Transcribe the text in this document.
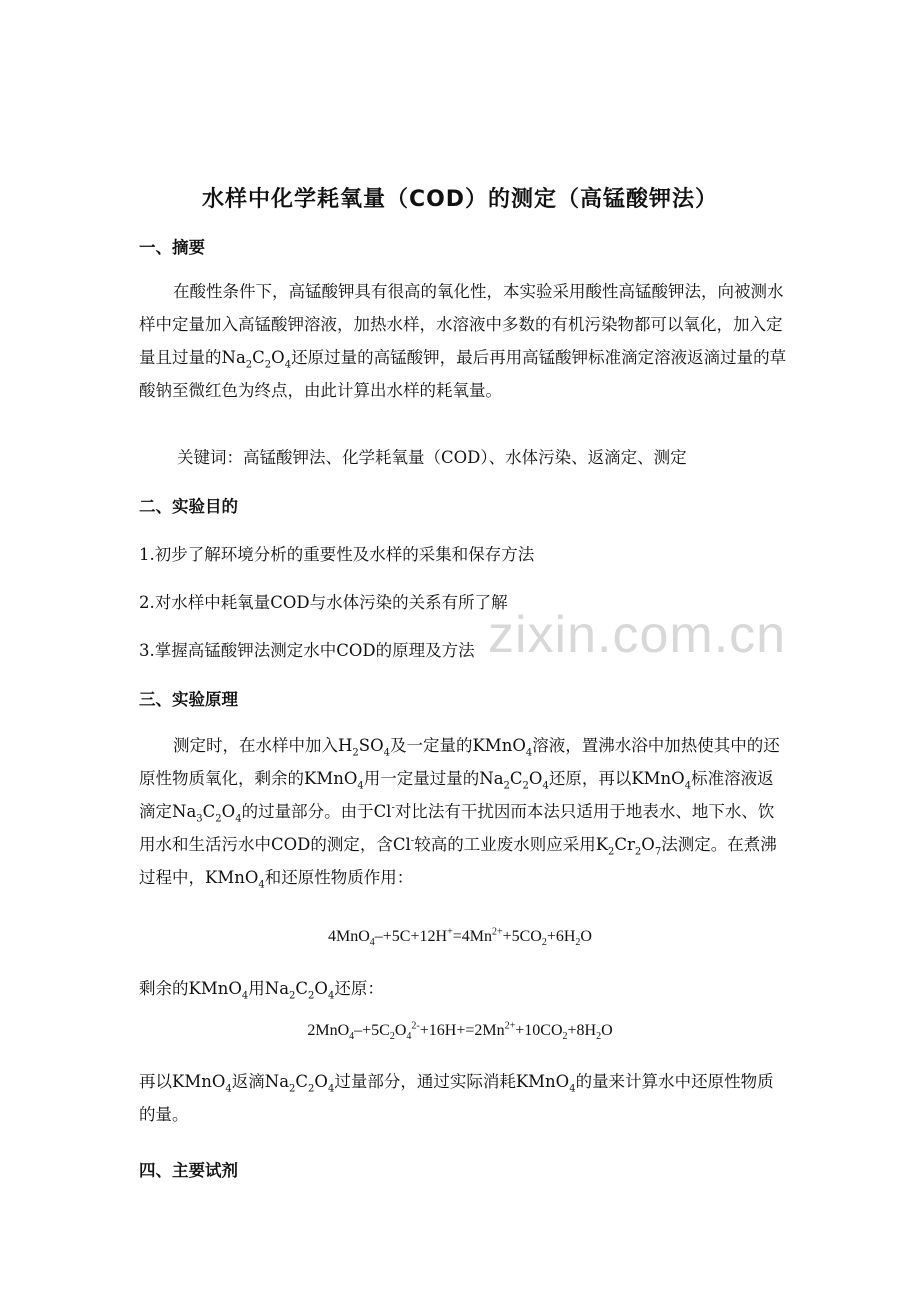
zixin.com.cn
水样中化学耗氧量（COD）的测定（高锰酸钾法）
一、摘要
在酸性条件下，高锰酸钾具有很高的氧化性，本实验采用酸性高锰酸钾法，向被测水样中定量加入高锰酸钾溶液，加热水样，水溶液中多数的有机污染物都可以氧化，加入定量且过量的$Na_2C_2O_4$还原过量的高锰酸钾，最后再用高锰酸钾标准滴定溶液返滴过量的草酸钠至微红色为终点，由此计算出水样的耗氧量。
关键词：高锰酸钾法、化学耗氧量（COD）、水体污染、返滴定、测定
二、实验目的
1.初步了解环境分析的重要性及水样的采集和保存方法
2.对水样中耗氧量COD与水体污染的关系有所了解
3.掌握高锰酸钾法测定水中COD的原理及方法
三、实验原理
测定时，在水样中加入$H_2SO_4$及一定量的KMnO$_4$溶液，置沸水浴中加热使其中的还原性物质氧化，剩余的KMnO$_4$用一定量过量的$Na_2C_2O_4$还原，再以KMnO$_4$标准溶液返滴定$Na_3C_2O_4$的过量部分。由于Cl-对比法有干扰因而本法只适用于地表水、地下水、饮用水和生活污水中COD的测定，含Cl-较高的工业废水则应采用$K_2Cr_2O_7$法测定。在煮沸过程中，KMnO$_4$和还原性物质作用：
$4MnO_4-+5C+12H^+=4Mn^{2+}+5CO_2+6H_2O$
剩余的KMnO$_4$用$Na_2C_2O_4$还原：
$2MnO_4-+5C_2O_4^{2-}+16H+=2Mn^{2+}+10CO_2+8H_2O$
再以KMnO$_4$返滴$Na_2C_2O_4$过量部分，通过实际消耗KMnO$_4$的量来计算水中还原性物质的量。
四、主要试剂
